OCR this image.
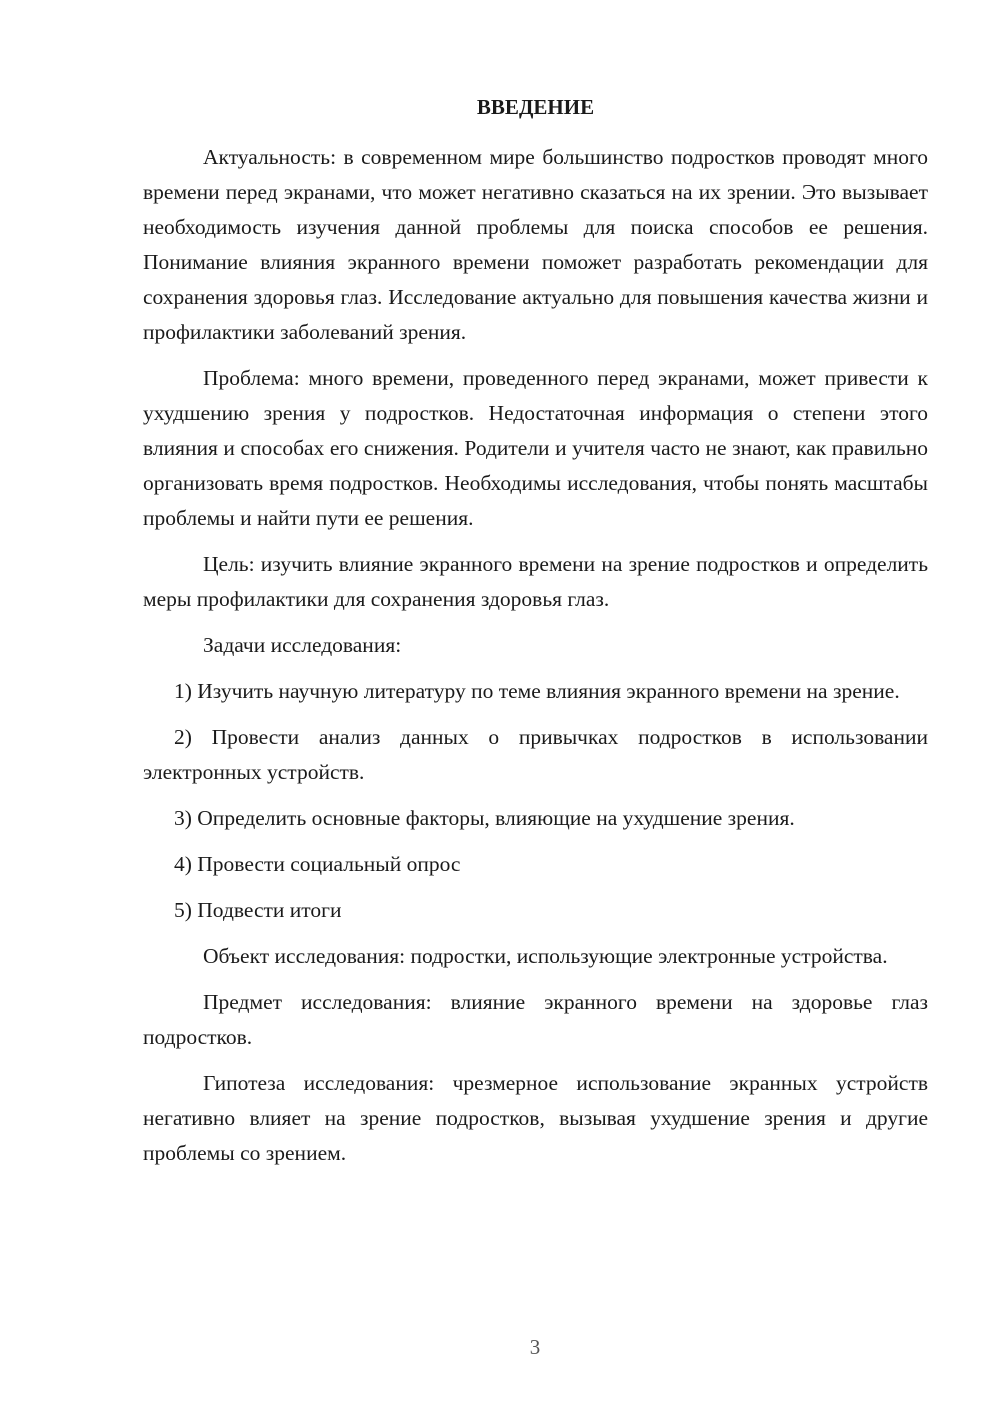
ВВЕДЕНИЕ

Актуальность: в современном мире большинство подростков проводят много времени перед экранами, что может негативно сказаться на их зрении. Это вызывает необходимость изучения данной проблемы для поиска способов ее решения. Понимание влияния экранного времени поможет разработать рекомендации для сохранения здоровья глаз. Исследование актуально для повышения качества жизни и профилактики заболеваний зрения.

Проблема: много времени, проведенного перед экранами, может привести к ухудшению зрения у подростков. Недостаточная информация о степени этого влияния и способах его снижения. Родители и учителя часто не знают, как правильно организовать время подростков. Необходимы исследования, чтобы понять масштабы проблемы и найти пути ее решения.

Цель: изучить влияние экранного времени на зрение подростков и определить меры профилактики для сохранения здоровья глаз.

Задачи исследования:

1) Изучить научную литературу по теме влияния экранного времени на зрение.

2) Провести анализ данных о привычках подростков в использовании электронных устройств.

3) Определить основные факторы, влияющие на ухудшение зрения.

4) Провести социальный опрос

5) Подвести итоги

Объект исследования: подростки, использующие электронные устройства.

Предмет исследования: влияние экранного времени на здоровье глаз подростков.

Гипотеза исследования: чрезмерное использование экранных устройств негативно влияет на зрение подростков, вызывая ухудшение зрения и другие проблемы со зрением.

3
